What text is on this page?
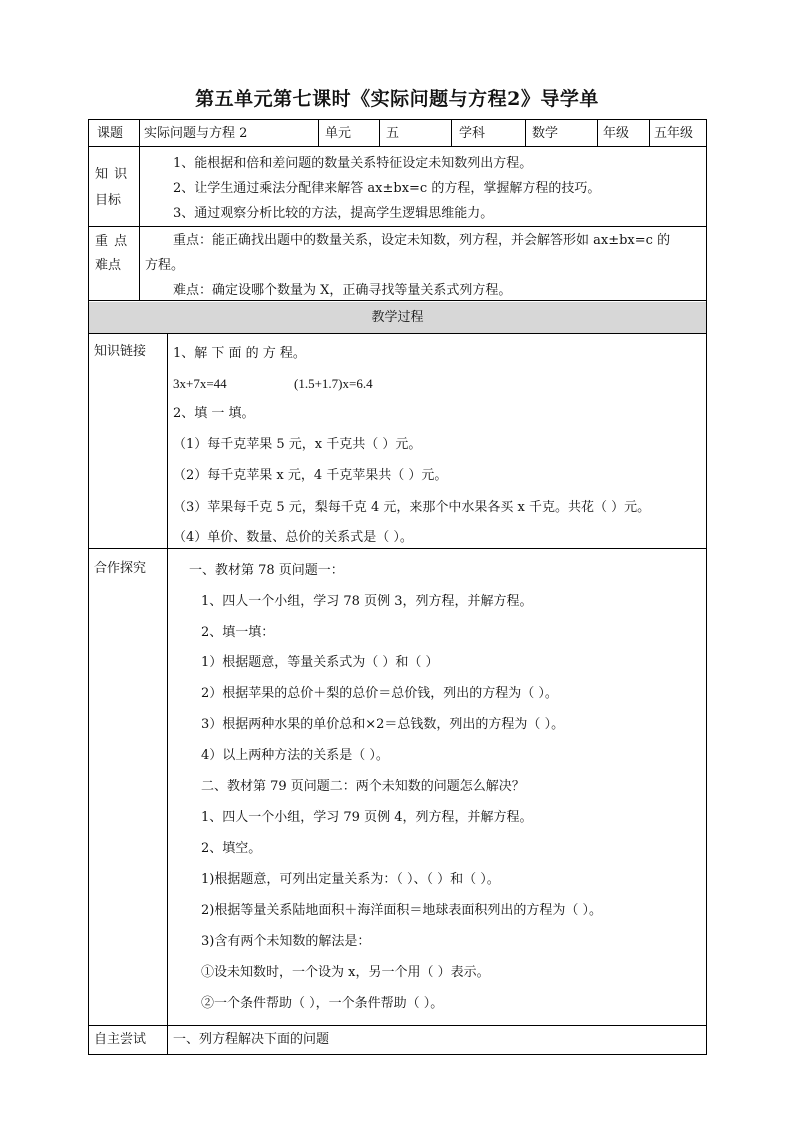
第五单元第七课时《实际问题与方程2》导学单
课题 实际问题与方程 2	单元	五	学科	数学	年级 五年级
知 识
目标
1、能根据和倍和差问题的数量关系特征设定未知数列出方程。
2、让学生通过乘法分配律来解答 ax±bx=c 的方程，掌握解方程的技巧。
3、通过观察分析比较的方法，提高学生逻辑思维能力。
重 点
难点
重点：能正确找出题中的数量关系，设定未知数，列方程，并会解答形如 ax±bx=c 的
方程。
难点：确定设哪个数量为 X，正确寻找等量关系式列方程。
教学过程
知识链接 1、解 下 面 的 方 程。
3x+7x=44	(1.5+1.7)x=6.4
2、填 一 填。
（1）每千克苹果 5 元，x 千克共（ ）元。
（2）每千克苹果 x 元，4 千克苹果共（ ）元。
（3）苹果每千克 5 元，梨每千克 4 元，来那个中水果各买 x 千克。共花（ ）元。
（4）单价、数量、总价的关系式是（ ）。
合作探究	一、教材第 78 页问题一：
1、四人一个小组，学习 78 页例 3，列方程，并解方程。
2、填一填：
1）根据题意，等量关系式为（ ）和（ ）
2）根据苹果的总价＋梨的总价＝总价钱，列出的方程为（ ）。
3）根据两种水果的单价总和×2＝总钱数，列出的方程为（ ）。
4）以上两种方法的关系是（ ）。
二、教材第 79 页问题二：两个未知数的问题怎么解决？
1、四人一个小组，学习 79 页例 4，列方程，并解方程。
2、填空。
1)根据题意，可列出定量关系为：（ ）、（ ）和（ ）。
2)根据等量关系陆地面积＋海洋面积＝地球表面积列出的方程为（ ）。
3)含有两个未知数的解法是：
①设未知数时，一个设为 x，另一个用（ ）表示。
②一个条件帮助（ ），一个条件帮助（ ）。
自主尝试 一、列方程解决下面的问题
